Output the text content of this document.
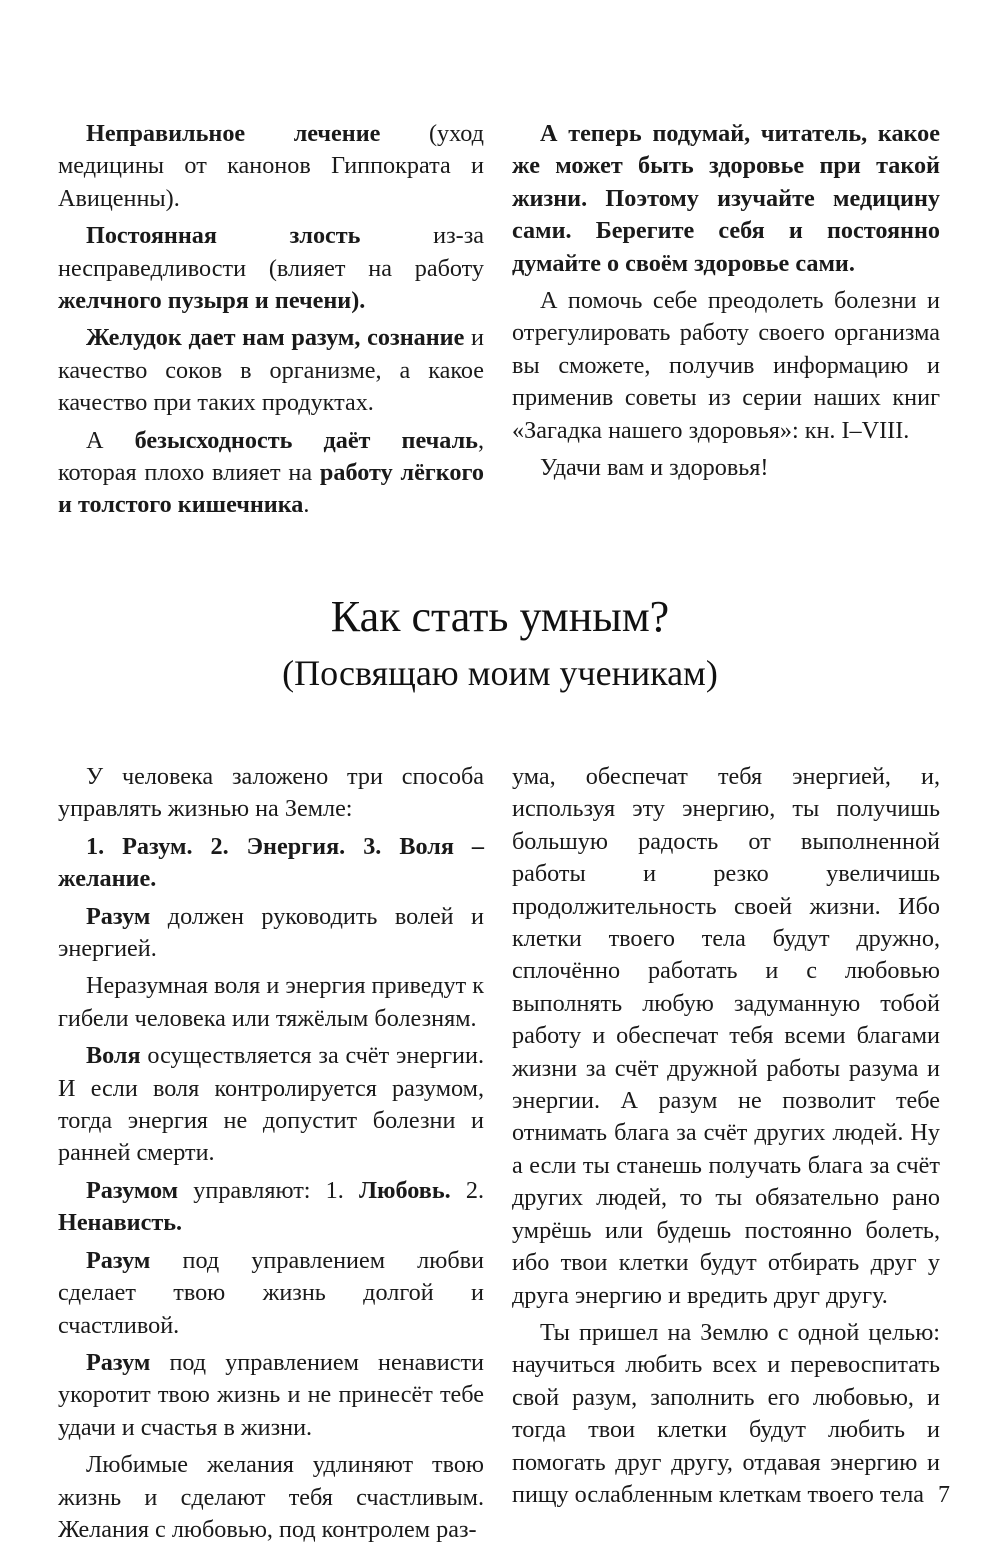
Неправильное лечение (уход медицины от канонов Гиппократа и Авиценны).

Постоянная злость из-за несправедливости (влияет на работу желчного пузыря и печени).

Желудок дает нам разум, сознание и качество соков в организме, а какое качество при таких продуктах.

А безысходность даёт печаль, которая плохо влияет на работу лёгкого и толстого кишечника.

А теперь подумай, читатель, какое же может быть здоровье при такой жизни. Поэтому изучайте медицину сами. Берегите себя и постоянно думайте о своём здоровье сами.

А помочь себе преодолеть болезни и отрегулировать работу своего организма вы сможете, получив информацию и применив советы из серии наших книг «Загадка нашего здоровья»: кн. I–VIII.

Удачи вам и здоровья!

Как стать умным?
(Посвящаю моим ученикам)

У человека заложено три способа управлять жизнью на Земле:

1. Разум. 2. Энергия. 3. Воля – желание.

Разум должен руководить волей и энергией.

Неразумная воля и энергия приведут к гибели человека или тяжёлым болезням.

Воля осуществляется за счёт энергии. И если воля контролируется разумом, тогда энергия не допустит болезни и ранней смерти.

Разумом управляют: 1. Любовь. 2. Ненависть.

Разум под управлением любви сделает твою жизнь долгой и счастливой.

Разум под управлением ненависти укоротит твою жизнь и не принесёт тебе удачи и счастья в жизни.

Любимые желания удлиняют твою жизнь и сделают тебя счастливым. Желания с любовью, под контролем раз-

ума, обеспечат тебя энергией, и, используя эту энергию, ты получишь большую радость от выполненной работы и резко увеличишь продолжительность своей жизни. Ибо клетки твоего тела будут дружно, сплочённо работать и с любовью выполнять любую задуманную тобой работу и обеспечат тебя всеми благами жизни за счёт дружной работы разума и энергии. А разум не позволит тебе отнимать блага за счёт других людей. Ну а если ты станешь получать блага за счёт других людей, то ты обязательно рано умрёшь или будешь постоянно болеть, ибо твои клетки будут отбирать друг у друга энергию и вредить друг другу.

Ты пришел на Землю с одной целью: научиться любить всех и перевоспитать свой разум, заполнить его любовью, и тогда твои клетки будут любить и помогать друг другу, отдавая энергию и пищу ослабленным клеткам твоего тела 7
